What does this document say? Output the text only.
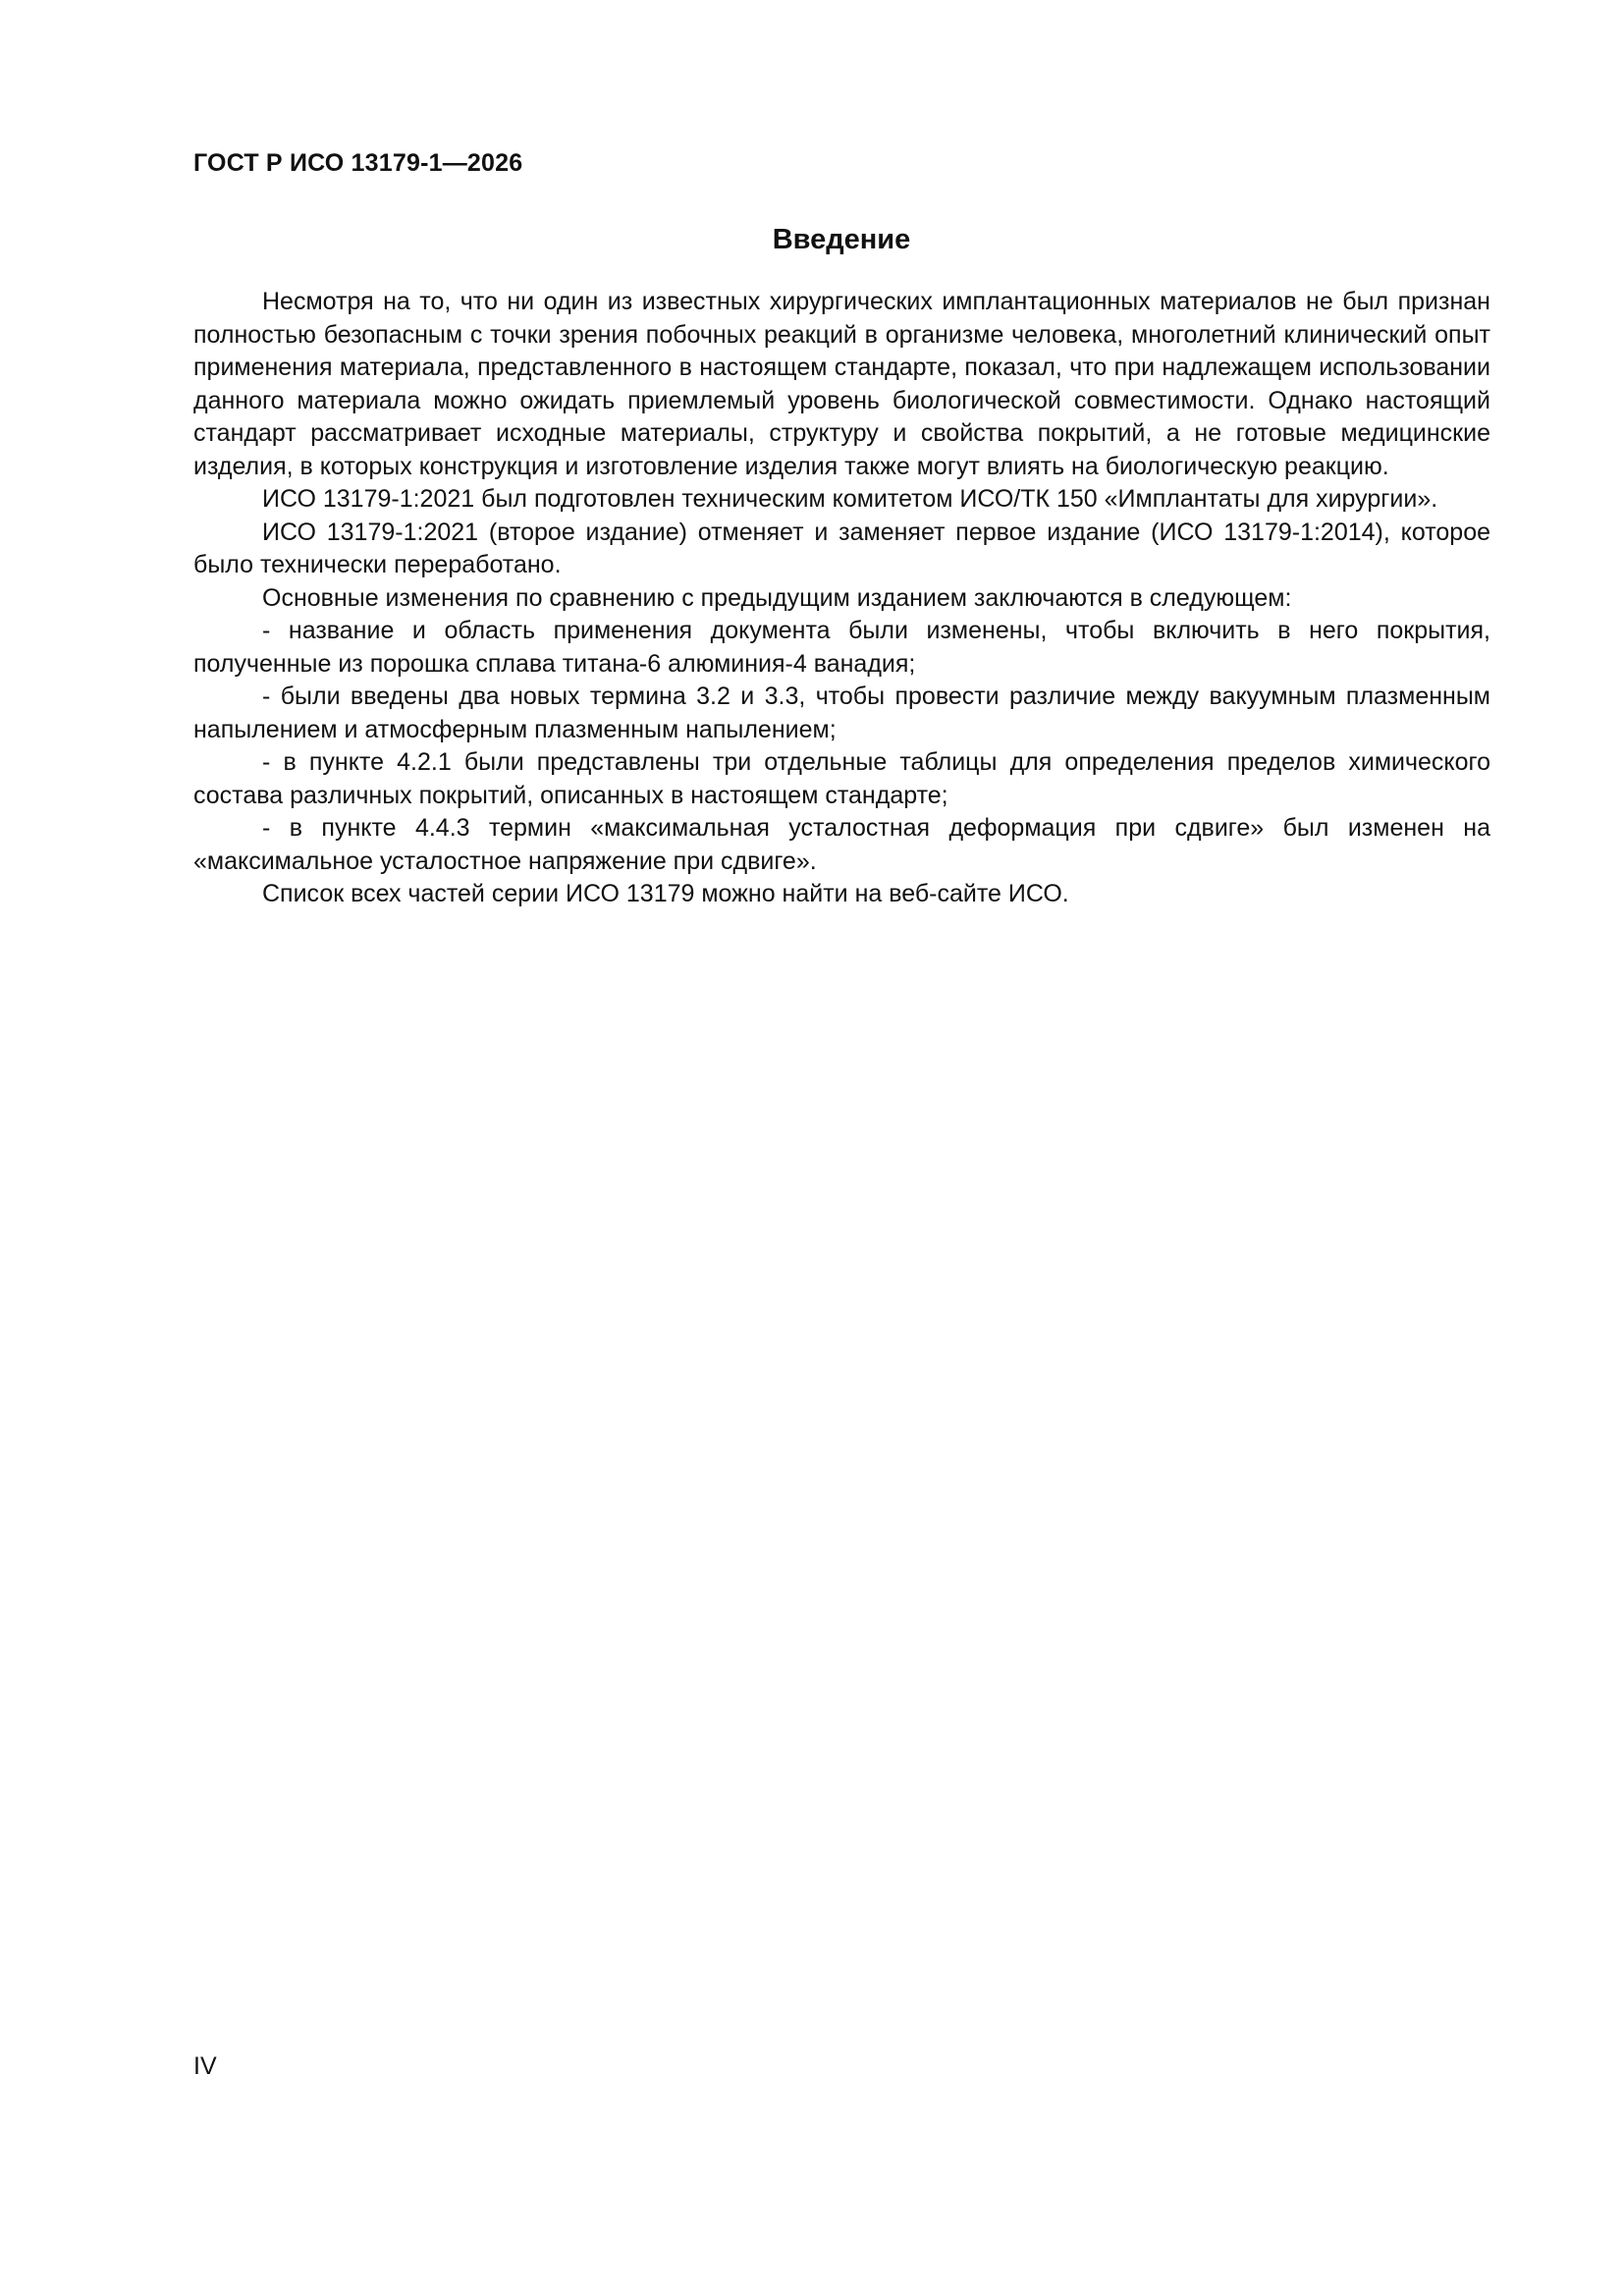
ГОСТ Р ИСО 13179-1—2026

Введение

Несмотря на то, что ни один из известных хирургических имплантационных материалов не был признан полностью безопасным с точки зрения побочных реакций в организме человека, многолетний клинический опыт применения материала, представленного в настоящем стандарте, показал, что при надлежащем использовании данного материала можно ожидать приемлемый уровень биологической совместимости. Однако настоящий стандарт рассматривает исходные материалы, структуру и свойства покрытий, а не готовые медицинские изделия, в которых конструкция и изготовление изделия также могут влиять на биологическую реакцию.

ИСО 13179-1:2021 был подготовлен техническим комитетом ИСО/ТК 150 «Имплантаты для хирургии».

ИСО 13179-1:2021 (второе издание) отменяет и заменяет первое издание (ИСО 13179-1:2014), которое было технически переработано.

Основные изменения по сравнению с предыдущим изданием заключаются в следующем:

- название и область применения документа были изменены, чтобы включить в него покрытия, полученные из порошка сплава титана-6 алюминия-4 ванадия;

- были введены два новых термина 3.2 и 3.3, чтобы провести различие между вакуумным плазменным напылением и атмосферным плазменным напылением;

- в пункте 4.2.1 были представлены три отдельные таблицы для определения пределов химического состава различных покрытий, описанных в настоящем стандарте;

- в пункте 4.4.3 термин «максимальная усталостная деформация при сдвиге» был изменен на «максимальное усталостное напряжение при сдвиге».

Список всех частей серии ИСО 13179 можно найти на веб-сайте ИСО.

IV
